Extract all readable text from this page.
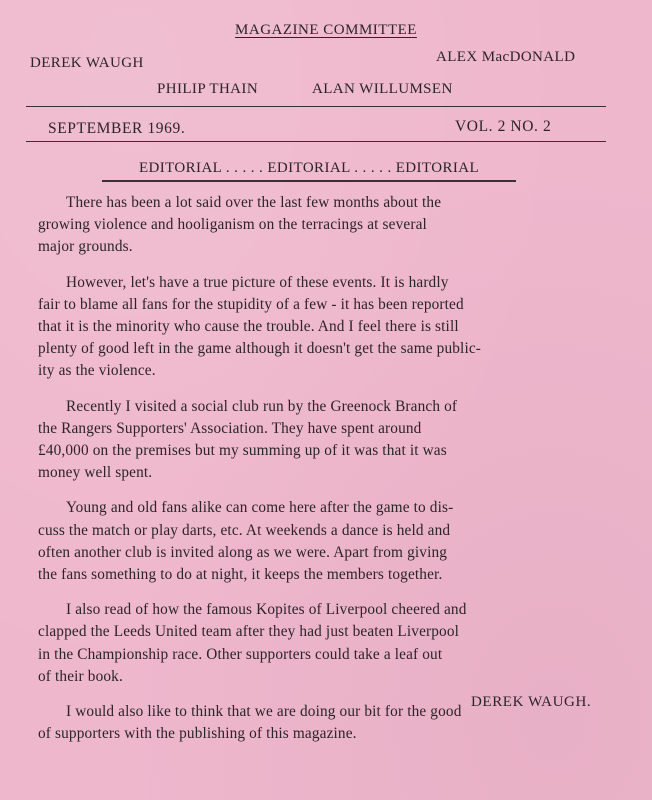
MAGAZINE COMMITTEE
DEREK WAUGH	ALEX MacDONALD
PHILIP THAIN	ALAN WILLUMSEN
SEPTEMBER 1969.	VOL. 2 NO. 2
EDITORIAL . . . . . EDITORIAL . . . . . EDITORIAL
There has been a lot said over the last few months about the
growing violence and hooliganism on the terracings at several
major grounds.
However, let's have a true picture of these events. It is hardly
fair to blame all fans for the stupidity of a few - it has been reported
that it is the minority who cause the trouble. And I feel there is still
plenty of good left in the game although it doesn't get the same public-
ity as the violence.
Recently I visited a social club run by the Greenock Branch of
the Rangers Supporters' Association. They have spent around
£40,000 on the premises but my summing up of it was that it was
money well spent.
Young and old fans alike can come here after the game to dis-
cuss the match or play darts, etc. At weekends a dance is held and
often another club is invited along as we were. Apart from giving
the fans something to do at night, it keeps the members together.
I also read of how the famous Kopites of Liverpool cheered and
clapped the Leeds United team after they had just beaten Liverpool
in the Championship race. Other supporters could take a leaf out
of their book.
I would also like to think that we are doing our bit for the good
of supporters with the publishing of this magazine.
DEREK WAUGH.
